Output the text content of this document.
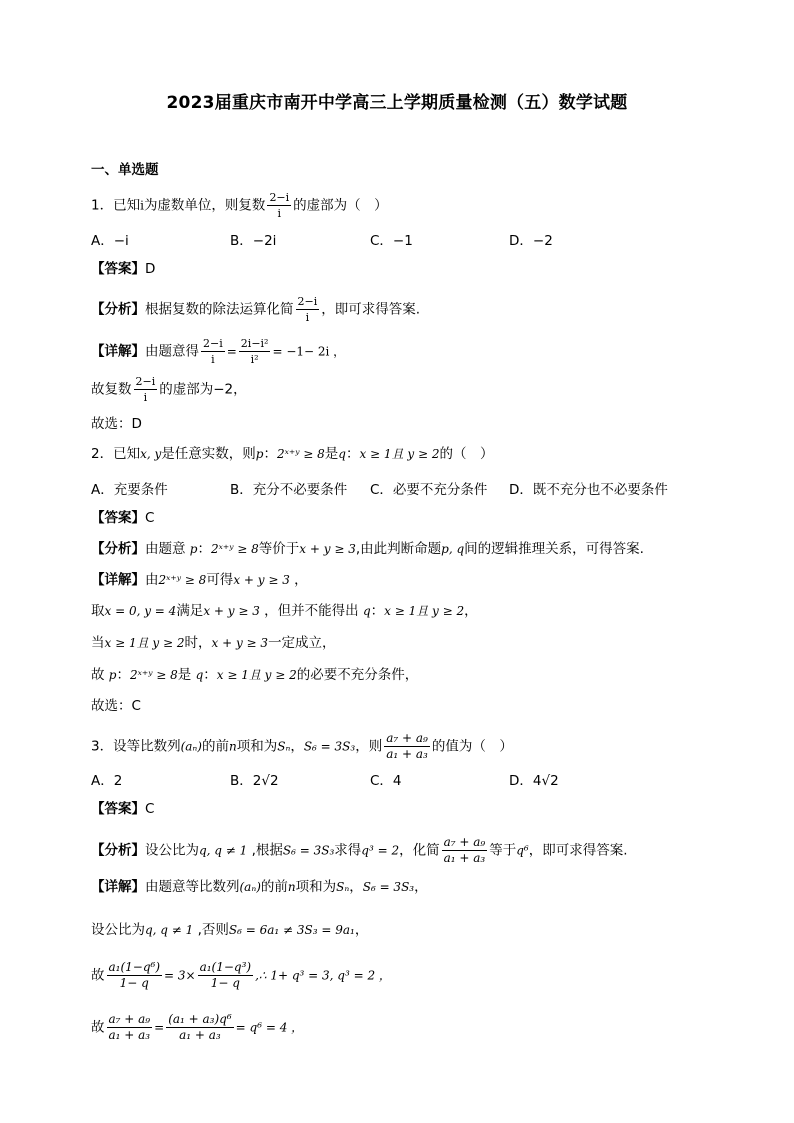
2023届重庆市南开中学高三上学期质量检测（五）数学试题
一、单选题
1．已知i为虚数单位，则复数 $\frac{2-i}{i}$ 的虚部为（　）
A．−i	B．−2i	C．−1	D．−2
【答案】D
【分析】根据复数的除法运算化简 $\frac{2-i}{i}$ ，即可求得答案.
【详解】由题意得 $\frac{2-i}{i} = \frac{\text{2i−i²}}{\text{i²}} = -1- 2i$ ，
故复数 $\frac{2-i}{i}$ 的虚部为−2，
故选：D
2．已知x, y是任意实数，则p：2ˣ⁺ʸ ≥ 8是q：x ≥ 1且 y ≥ 2的（　）
A．充要条件	B．充分不必要条件 C．必要不充分条件 D．既不充分也不必要条件
【答案】C
【分析】由题意 p：2ˣ⁺ʸ ≥ 8等价于x + y ≥ 3,由此判断命题p, q间的逻辑推理关系，可得答案.
【详解】由2ˣ⁺ʸ ≥ 8可得x + y ≥ 3 ，
取x = 0, y = 4满足x + y ≥ 3 ，但并不能得出 q：x ≥ 1且 y ≥ 2，
当x ≥ 1且 y ≥ 2时，x + y ≥ 3一定成立，
故 p：2ˣ⁺ʸ ≥ 8是 q：x ≥ 1且 y ≥ 2的必要不充分条件，
故选：C
3．设等比数列(aₙ)的前n项和为Sₙ，S₆ = 3S₃，则 $\frac{\text{a₇ + a₉}}{\text{a₁ + a₃}}$ 的值为（　）
A．2	B．2√2	C．4	D．4√2
【答案】C
【分析】设公比为q, q ≠ 1 ,根据S₆ = 3S₃求得q³ = 2，化简 $\frac{\text{a₇ + a₉}}{\text{a₁ + a₃}}$ 等于q⁶，即可求得答案.
【详解】由题意等比数列(aₙ)的前n项和为Sₙ，S₆ = 3S₃，
设公比为q, q ≠ 1 ,否则S₆ = 6a₁ ≠ 3S₃ = 9a₁，
故 $\frac{\text{a₁(1−q⁶)}}{1- q} = 3\times \frac{\text{a₁(1−q³)}}{1- q}$ ,∴ 1+ q³ = 3, q³ = 2 ，
故 $\frac{\text{a₇ + a₉}}{\text{a₁ + a₃}} = \frac{\text{(a₁ + a₃)q⁶}}{\text{a₁ + a₃}} = q^6 = 4$ ，
